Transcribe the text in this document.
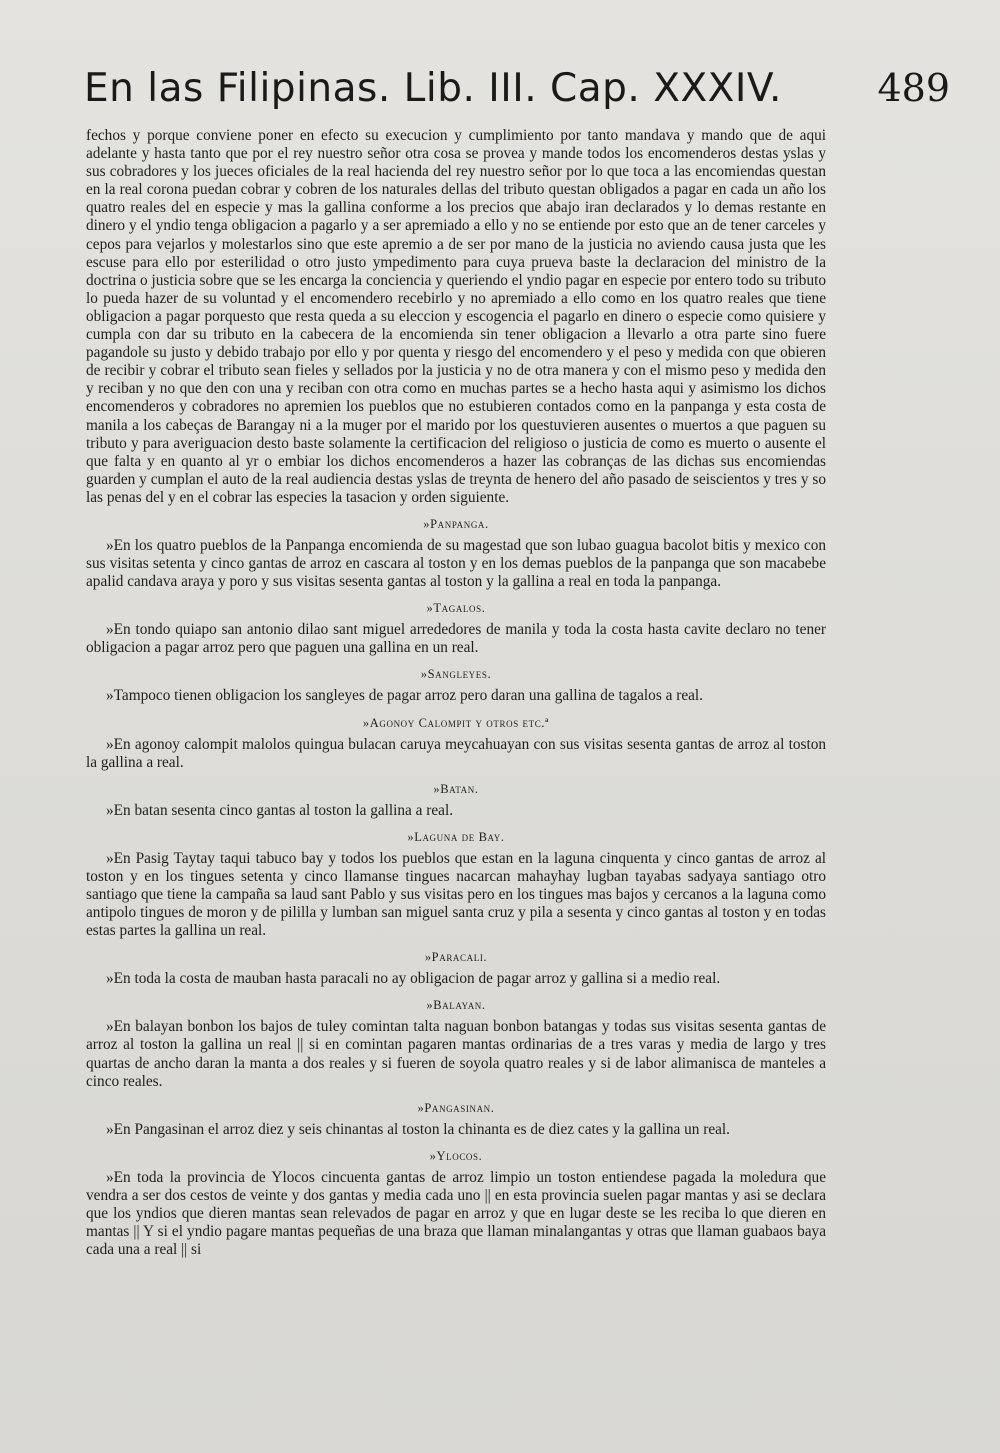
En las Filipinas. Lib. III. Cap. XXXIV.	489

fechos y porque conviene poner en efecto su execucion y cumplimiento por tanto mandava y mando que de aqui adelante y hasta tanto que por el rey nuestro señor otra cosa se provea y mande todos los encomenderos destas yslas y sus cobradores y los jueces oficiales de la real hacienda del rey nuestro señor por lo que toca a las encomiendas questan en la real corona puedan cobrar y cobren de los naturales dellas del tributo questan obligados a pagar en cada un año los quatro reales del en especie y mas la gallina conforme a los precios que abajo iran declarados y lo demas restante en dinero y el yndio tenga obligacion a pagarlo y a ser apremiado a ello y no se entiende por esto que an de tener carceles y cepos para vejarlos y molestarlos sino que este apremio a de ser por mano de la justicia no aviendo causa justa que les escuse para ello por esterilidad o otro justo ympedimento para cuya prueva baste la declaracion del ministro de la doctrina o justicia sobre que se les encarga la conciencia y queriendo el yndio pagar en especie por entero todo su tributo lo pueda hazer de su voluntad y el encomendero recebirlo y no apremiado a ello como en los quatro reales que tiene obligacion a pagar porquesto que resta queda a su eleccion y escogencia el pagarlo en dinero o especie como quisiere y cumpla con dar su tributo en la cabecera de la encomienda sin tener obligacion a llevarlo a otra parte sino fuere pagandole su justo y debido trabajo por ello y por quenta y riesgo del encomendero y el peso y medida con que obieren de recibir y cobrar el tributo sean fieles y sellados por la justicia y no de otra manera y con el mismo peso y medida den y reciban y no que den con una y reciban con otra como en muchas partes se a hecho hasta aqui y asimismo los dichos encomenderos y cobradores no apremien los pueblos que no estubieren contados como en la panpanga y esta costa de manila a los cabeças de Barangay ni a la muger por el marido por los questuvieren ausentes o muertos a que paguen su tributo y para averiguacion desto baste solamente la certificacion del religioso o justicia de como es muerto o ausente el que falta y en quanto al yr o embiar los dichos encomenderos a hazer las cobranças de las dichas sus encomiendas guarden y cumplan el auto de la real audiencia destas yslas de treynta de henero del año pasado de seiscientos y tres y so las penas del y en el cobrar las especies la tasacion y orden siguiente.

»Panpanga.

»En los quatro pueblos de la Panpanga encomienda de su magestad que son lubao guagua bacolot bitis y mexico con sus visitas setenta y cinco gantas de arroz en cascara al toston y en los demas pueblos de la panpanga que son macabebe apalid candava araya y poro y sus visitas sesenta gantas al toston y la gallina a real en toda la panpanga.

»Tagalos.

»En tondo quiapo san antonio dilao sant miguel arrededores de manila y toda la costa hasta cavite declaro no tener obligacion a pagar arroz pero que paguen una gallina en un real.

»Sangleyes.

»Tampoco tienen obligacion los sangleyes de pagar arroz pero daran una gallina de tagalos a real.

»Agonoy Calompit y otros etc.ª

»En agonoy calompit malolos quingua bulacan caruya meycahuayan con sus visitas sesenta gantas de arroz al toston la gallina a real.

»Batan.

»En batan sesenta cinco gantas al toston la gallina a real.

»Laguna de Bay.

»En Pasig Taytay taqui tabuco bay y todos los pueblos que estan en la laguna cinquenta y cinco gantas de arroz al toston y en los tingues setenta y cinco llamanse tingues nacarcan mahayhay lugban tayabas sadyaya santiago otro santiago que tiene la campaña sa laud sant Pablo y sus visitas pero en los tingues mas bajos y cercanos a la laguna como antipolo tingues de moron y de pililla y lumban san miguel santa cruz y pila a sesenta y cinco gantas al toston y en todas estas partes la gallina un real.

»Paracali.

»En toda la costa de mauban hasta paracali no ay obligacion de pagar arroz y gallina si a medio real.

»Balayan.

»En balayan bonbon los bajos de tuley comintan talta naguan bonbon batangas y todas sus visitas sesenta gantas de arroz al toston la gallina un real || si en comintan pagaren mantas ordinarias de a tres varas y media de largo y tres quartas de ancho daran la manta a dos reales y si fueren de soyola quatro reales y si de labor alimanisca de manteles a cinco reales.

»Pangasinan.

»En Pangasinan el arroz diez y seis chinantas al toston la chinanta es de diez cates y la gallina un real.

»Ylocos.

»En toda la provincia de Ylocos cincuenta gantas de arroz limpio un toston entiendese pagada la moledura que vendra a ser dos cestos de veinte y dos gantas y media cada uno || en esta provincia suelen pagar mantas y asi se declara que los yndios que dieren mantas sean relevados de pagar en arroz y que en lugar deste se les reciba lo que dieren en mantas || Y si el yndio pagare mantas pequeñas de una braza que llaman minalangantas y otras que llaman guabaos baya cada una a real || si
